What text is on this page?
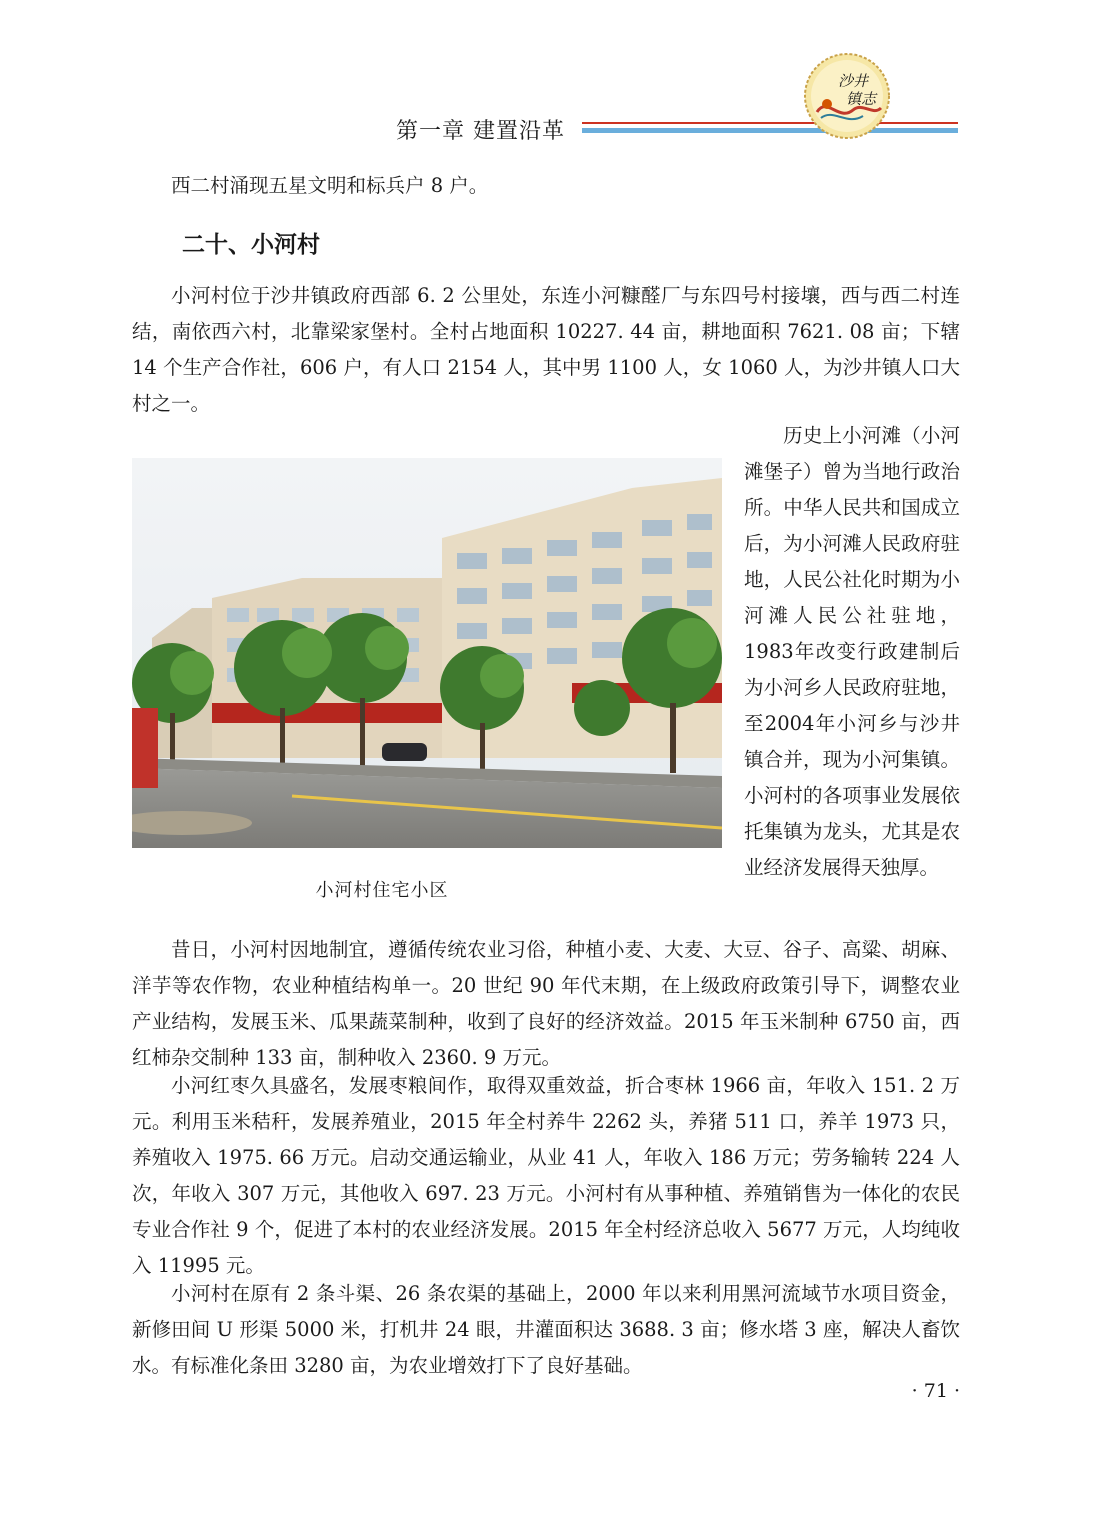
第一章 建置沿革
沙井
镇志
西二村涌现五星文明和标兵户 8 户。
二十、小河村
小河村位于沙井镇政府西部 6. 2 公里处，东连小河糠醛厂与东四号村接壤，西与西二村连结，南依西六村，北靠梁家堡村。全村占地面积 10227. 44 亩，耕地面积 7621. 08 亩；下辖 14 个生产合作社，606 户，有人口 2154 人，其中男 1100 人，女 1060 人，为沙井镇人口大村之一。
小河村住宅小区
历史上小河滩（小河滩堡子）曾为当地行政治所。中华人民共和国成立后，为小河滩人民政府驻地，人民公社化时期为小河滩人民公社驻地，1983年改变行政建制后为小河乡人民政府驻地，至2004年小河乡与沙井镇合并，现为小河集镇。小河村的各项事业发展依托集镇为龙头，尤其是农业经济发展得天独厚。
昔日，小河村因地制宜，遵循传统农业习俗，种植小麦、大麦、大豆、谷子、高粱、胡麻、洋芋等农作物，农业种植结构单一。20 世纪 90 年代末期，在上级政府政策引导下，调整农业产业结构，发展玉米、瓜果蔬菜制种，收到了良好的经济效益。2015 年玉米制种 6750 亩，西红柿杂交制种 133 亩，制种收入 2360. 9 万元。
小河红枣久具盛名，发展枣粮间作，取得双重效益，折合枣林 1966 亩，年收入 151. 2 万元。利用玉米秸秆，发展养殖业，2015 年全村养牛 2262 头，养猪 511 口，养羊 1973 只，养殖收入 1975. 66 万元。启动交通运输业，从业 41 人，年收入 186 万元；劳务输转 224 人次，年收入 307 万元，其他收入 697. 23 万元。小河村有从事种植、养殖销售为一体化的农民专业合作社 9 个，促进了本村的农业经济发展。2015 年全村经济总收入 5677 万元，人均纯收入 11995 元。
小河村在原有 2 条斗渠、26 条农渠的基础上，2000 年以来利用黑河流域节水项目资金，新修田间 U 形渠 5000 米，打机井 24 眼，井灌面积达 3688. 3 亩；修水塔 3 座，解决人畜饮水。有标准化条田 3280 亩，为农业增效打下了良好基础。
· 71 ·
